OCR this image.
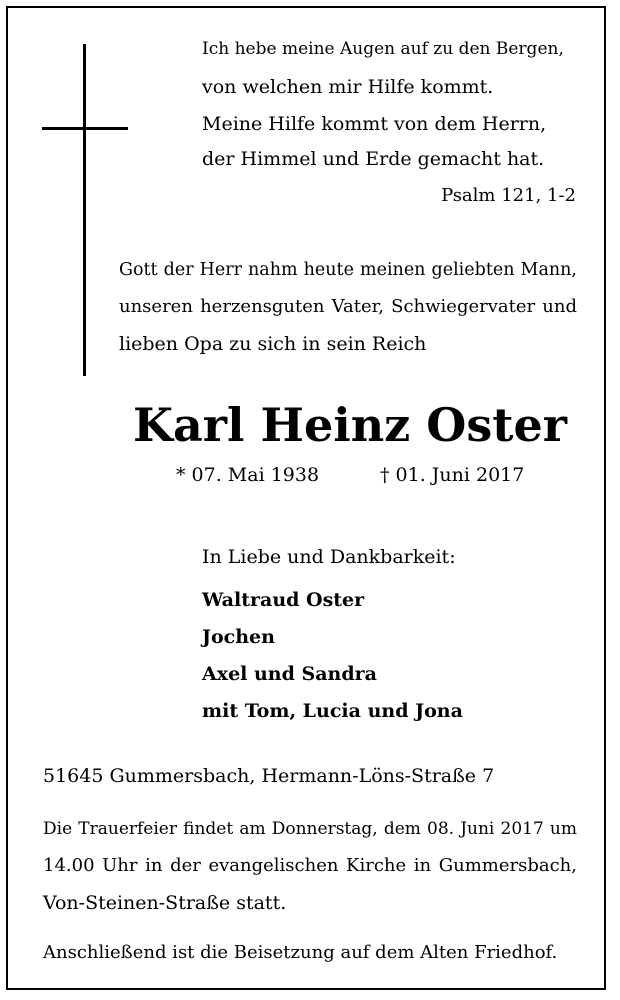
Ich hebe meine Augen auf zu den Bergen,
von welchen mir Hilfe kommt.
Meine Hilfe kommt von dem Herrn,
der Himmel und Erde gemacht hat.
Psalm 121, 1-2
Gott der Herr nahm heute meinen geliebten Mann,
unseren herzensguten Vater, Schwiegervater und
lieben Opa zu sich in sein Reich
Karl Heinz Oster
* 07. Mai 1938	† 01. Juni 2017
In Liebe und Dankbarkeit:
Waltraud Oster
Jochen
Axel und Sandra
mit Tom, Lucia und Jona
51645 Gummersbach, Hermann-Löns-Straße 7
Die Trauerfeier findet am Donnerstag, dem 08. Juni 2017 um
14.00 Uhr in der evangelischen Kirche in Gummersbach,
Von-Steinen-Straße statt.
Anschließend ist die Beisetzung auf dem Alten Friedhof.
